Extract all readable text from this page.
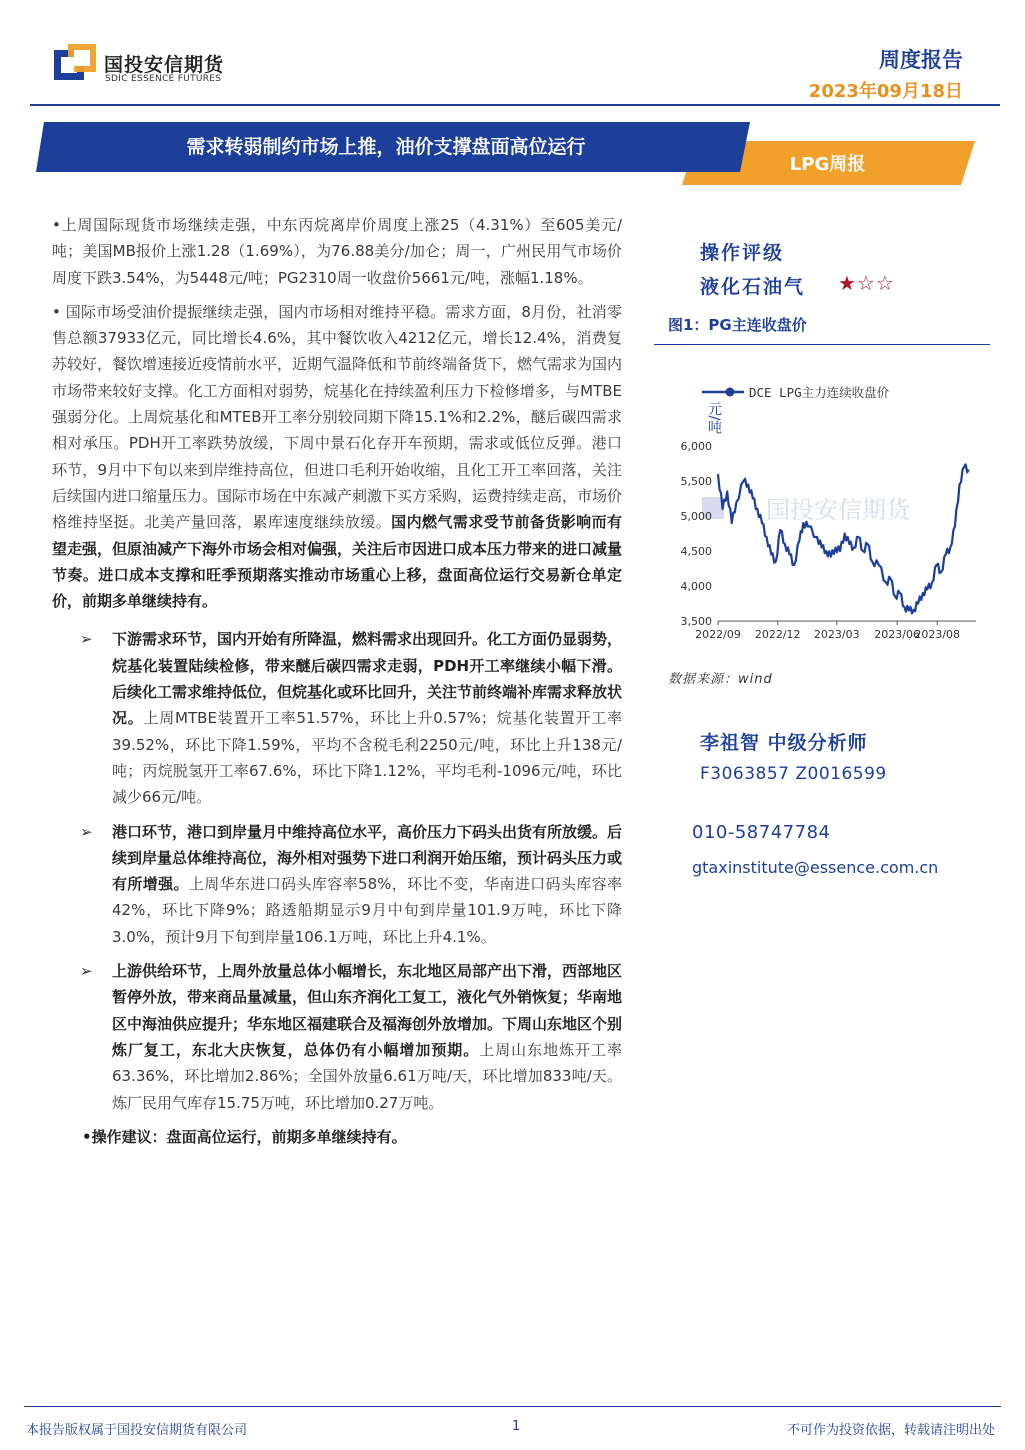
国投安信期货
SDIC ESSENCE FUTURES
周度报告
2023年09月18日
需求转弱制约市场上推，油价支撑盘面高位运行
LPG周报

•上周国际现货市场继续走强，中东丙烷离岸价周度上涨25（4.31%）至605美元/吨；美国MB报价上涨1.28（1.69%），为76.88美分/加仑；周一，广州民用气市场价周度下跌3.54%，为5448元/吨；PG2310周一收盘价5661元/吨，涨幅1.18%。

• 国际市场受油价提振继续走强，国内市场相对维持平稳。需求方面，8月份，社消零售总额37933亿元，同比增长4.6%，其中餐饮收入4212亿元，增长12.4%，消费复苏较好，餐饮增速接近疫情前水平，近期气温降低和节前终端备货下，燃气需求为国内市场带来较好支撑。化工方面相对弱势，烷基化在持续盈利压力下检修增多，与MTBE强弱分化。上周烷基化和MTEB开工率分别较同期下降15.1%和2.2%，醚后碳四需求相对承压。PDH开工率跌势放缓，下周中景石化存开车预期，需求或低位反弹。港口环节，9月中下旬以来到岸维持高位，但进口毛利开始收缩，且化工开工率回落，关注后续国内进口缩量压力。国际市场在中东减产刺激下买方采购，运费持续走高，市场价格维持坚挺。北美产量回落，累库速度继续放缓。国内燃气需求受节前备货影响而有望走强，但原油减产下海外市场会相对偏强，关注后市因进口成本压力带来的进口减量节奏。进口成本支撑和旺季预期落实推动市场重心上移，盘面高位运行交易新仓单定价，前期多单继续持有。

➢ 下游需求环节，国内开始有所降温，燃料需求出现回升。化工方面仍显弱势，烷基化装置陆续检修，带来醚后碳四需求走弱，PDH开工率继续小幅下滑。后续化工需求维持低位，但烷基化或环比回升，关注节前终端补库需求释放状况。上周MTBE装置开工率51.57%，环比上升0.57%；烷基化装置开工率39.52%，环比下降1.59%，平均不含税毛利2250元/吨，环比上升138元/吨；丙烷脱氢开工率67.6%，环比下降1.12%，平均毛利-1096元/吨，环比减少66元/吨。

➢ 港口环节，港口到岸量月中维持高位水平，高价压力下码头出货有所放缓。后续到岸量总体维持高位，海外相对强势下进口利润开始压缩，预计码头压力或有所增强。上周华东进口码头库容率58%，环比不变，华南进口码头库容率42%，环比下降9%；路透船期显示9月中旬到岸量101.9万吨，环比下降3.0%，预计9月下旬到岸量106.1万吨，环比上升4.1%。

➢ 上游供给环节，上周外放量总体小幅增长，东北地区局部产出下滑，西部地区暂停外放，带来商品量减量，但山东齐润化工复工，液化气外销恢复；华南地区中海油供应提升；华东地区福建联合及福海创外放增加。下周山东地区个别炼厂复工，东北大庆恢复，总体仍有小幅增加预期。上周山东地炼开工率63.36%，环比增加2.86%；全国外放量6.61万吨/天，环比增加833吨/天。炼厂民用气库存15.75万吨，环比增加0.27万吨。

•操作建议：盘面高位运行，前期多单继续持有。

操作评级
液化石油气 ★☆☆
图1：PG主连收盘价
国投安信期货
DCE LPG主力连续收盘价
元/吨
6,000
5,500
5,000
4,500
4,000
3,500
2022/09 2022/12 2023/03 2023/06
2023/08
数据来源：wind
李祖智 中级分析师
F3063857 Z0016599
010-58747784
gtaxinstitute@essence.com.cn
本报告版权属于国投安信期货有限公司	1	不可作为投资依据，转载请注明出处
